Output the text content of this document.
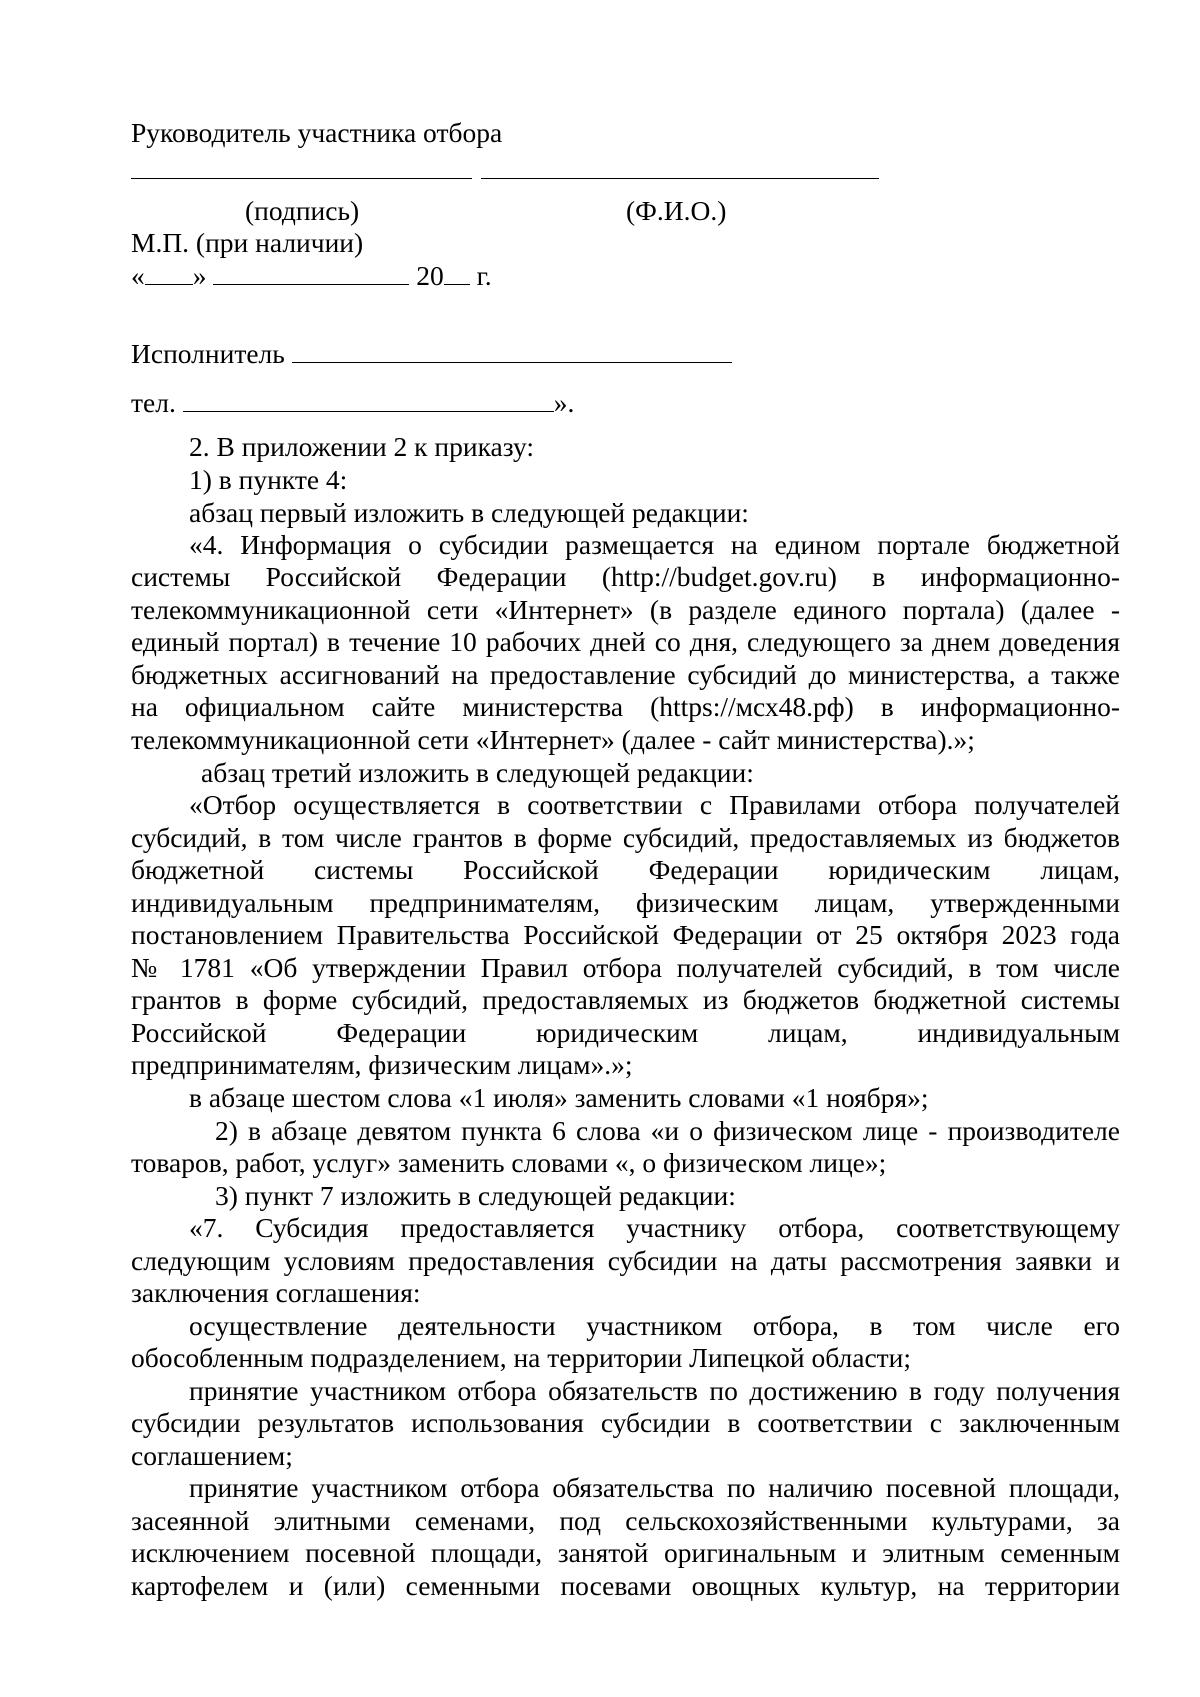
Руководитель участника отбора
(подпись)	(Ф.И.О.)
М.П. (при наличии)
« »	20 г.
Исполнитель
тел.	».
2. В приложении 2 к приказу:
1) в пункте 4:
абзац первый изложить в следующей редакции:
«4. Информация о субсидии размещается на едином портале бюджетной
системы Российской Федерации (http://budget.gov.ru) в информационно-
телекоммуникационной сети «Интернет» (в разделе единого портала) (далее -
единый портал) в течение 10 рабочих дней со дня, следующего за днем доведения
бюджетных ассигнований на предоставление субсидий до министерства, а также
на официальном сайте министерства (https://мсх48.рф) в информационно-
телекоммуникационной сети «Интернет» (далее - сайт министерства).»;
абзац третий изложить в следующей редакции:
«Отбор осуществляется в соответствии с Правилами отбора получателей
субсидий, в том числе грантов в форме субсидий, предоставляемых из бюджетов
бюджетной системы Российской Федерации юридическим лицам,
индивидуальным предпринимателям, физическим лицам, утвержденными
постановлением Правительства Российской Федерации от 25 октября 2023 года
№ 1781 «Об утверждении Правил отбора получателей субсидий, в том числе
грантов в форме субсидий, предоставляемых из бюджетов бюджетной системы
Российской Федерации юридическим лицам, индивидуальным
предпринимателям, физическим лицам».»;
в абзаце шестом слова «1 июля» заменить словами «1 ноября»;
2) в абзаце девятом пункта 6 слова «и о физическом лице - производителе
товаров, работ, услуг» заменить словами «, о физическом лице»;
3) пункт 7 изложить в следующей редакции:
«7. Субсидия предоставляется участнику отбора, соответствующему
следующим условиям предоставления субсидии на даты рассмотрения заявки и
заключения соглашения:
осуществление деятельности участником отбора, в том числе его
обособленным подразделением, на территории Липецкой области;
принятие участником отбора обязательств по достижению в году получения
субсидии результатов использования субсидии в соответствии с заключенным
соглашением;
принятие участником отбора обязательства по наличию посевной площади,
засеянной элитными семенами, под сельскохозяйственными культурами, за
исключением посевной площади, занятой оригинальным и элитным семенным
картофелем и (или) семенными посевами овощных культур, на территории
